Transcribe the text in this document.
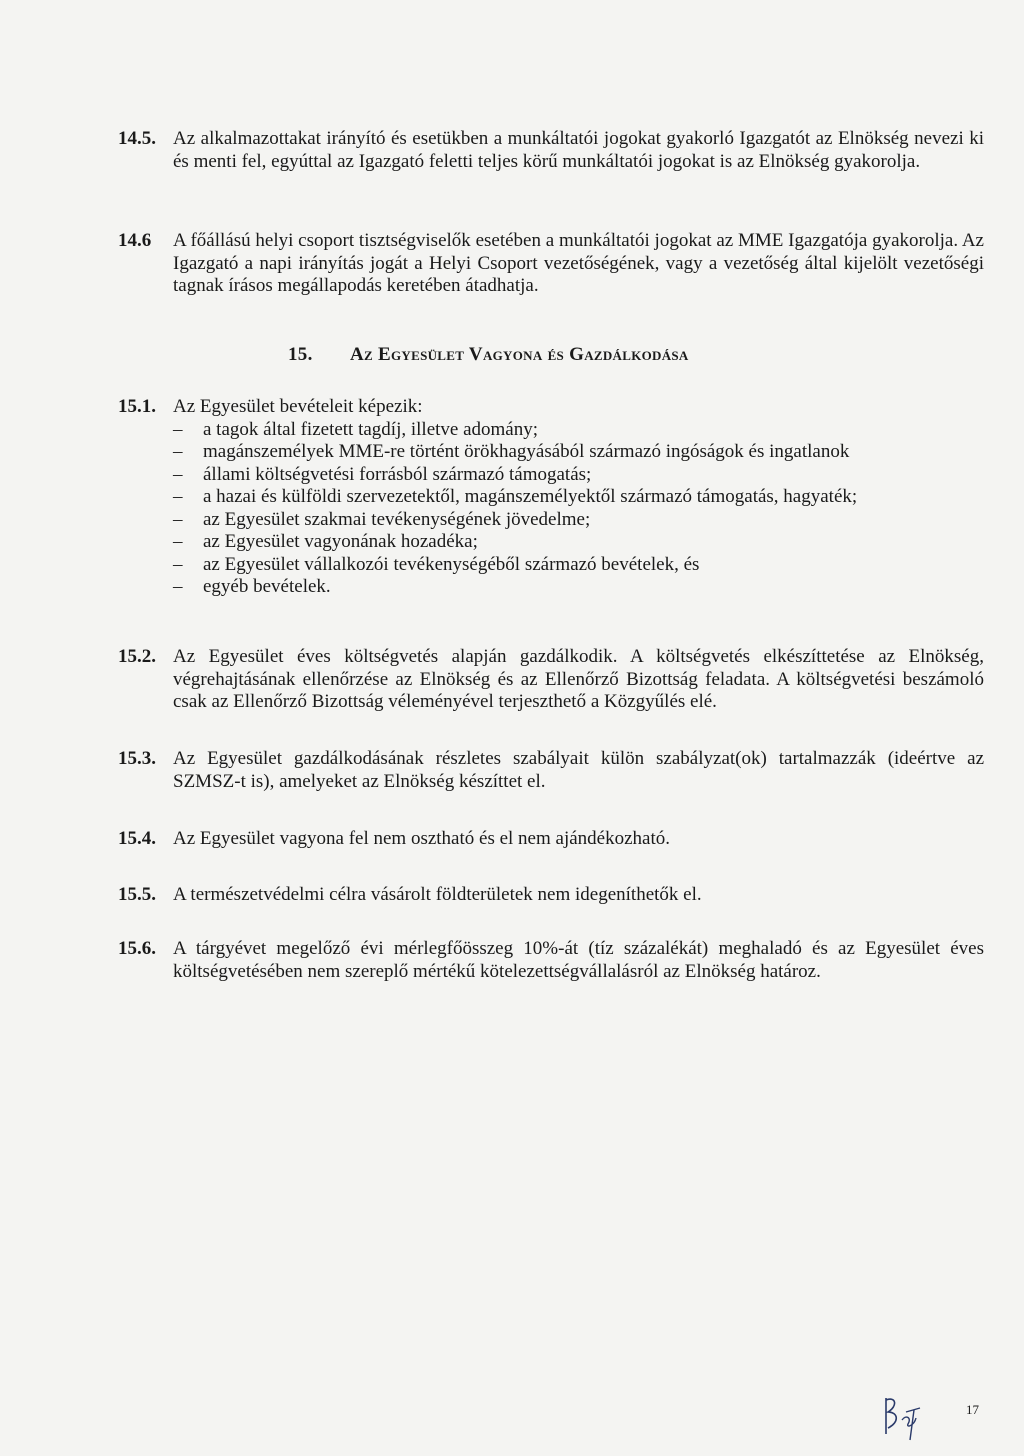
14.5. Az alkalmazottakat irányító és esetükben a munkáltatói jogokat gyakorló Igazgatót az Elnökség nevezi ki és menti fel, egyúttal az Igazgató feletti teljes körű munkáltatói jogokat is az Elnökség gyakorolja.
14.6 A főállású helyi csoport tisztségviselők esetében a munkáltatói jogokat az MME Igazgatója gyakorolja. Az Igazgató a napi irányítás jogát a Helyi Csoport vezetőségének, vagy a vezetőség által kijelölt vezetőségi tagnak írásos megállapodás keretében átadhatja.
15. Az Egyesület Vagyona és Gazdálkodása
15.1. Az Egyesület bevételeit képezik:
– a tagok által fizetett tagdíj, illetve adomány;
– magánszemélyek MME-re történt örökhagyásából származó ingóságok és ingatlanok
– állami költségvetési forrásból származó támogatás;
– a hazai és külföldi szervezetektől, magánszemélyektől származó támogatás, hagyaték;
– az Egyesület szakmai tevékenységének jövedelme;
– az Egyesület vagyonának hozadéka;
– az Egyesület vállalkozói tevékenységéből származó bevételek, és
– egyéb bevételek.
15.2. Az Egyesület éves költségvetés alapján gazdálkodik. A költségvetés elkészíttetése az Elnökség, végrehajtásának ellenőrzése az Elnökség és az Ellenőrző Bizottság feladata. A költségvetési beszámoló csak az Ellenőrző Bizottság véleményével terjeszthető a Közgyűlés elé.
15.3. Az Egyesület gazdálkodásának részletes szabályait külön szabályzat(ok) tartalmazzák (ideértve az SZMSZ-t is), amelyeket az Elnökség készíttet el.
15.4. Az Egyesület vagyona fel nem osztható és el nem ajándékozható.
15.5. A természetvédelmi célra vásárolt földterületek nem idegeníthetők el.
15.6. A tárgyévet megelőző évi mérlegfőösszeg 10%-át (tíz százalékát) meghaladó és az Egyesület éves költségvetésében nem szereplő mértékű kötelezettségvállalásról az Elnökség határoz.
17
